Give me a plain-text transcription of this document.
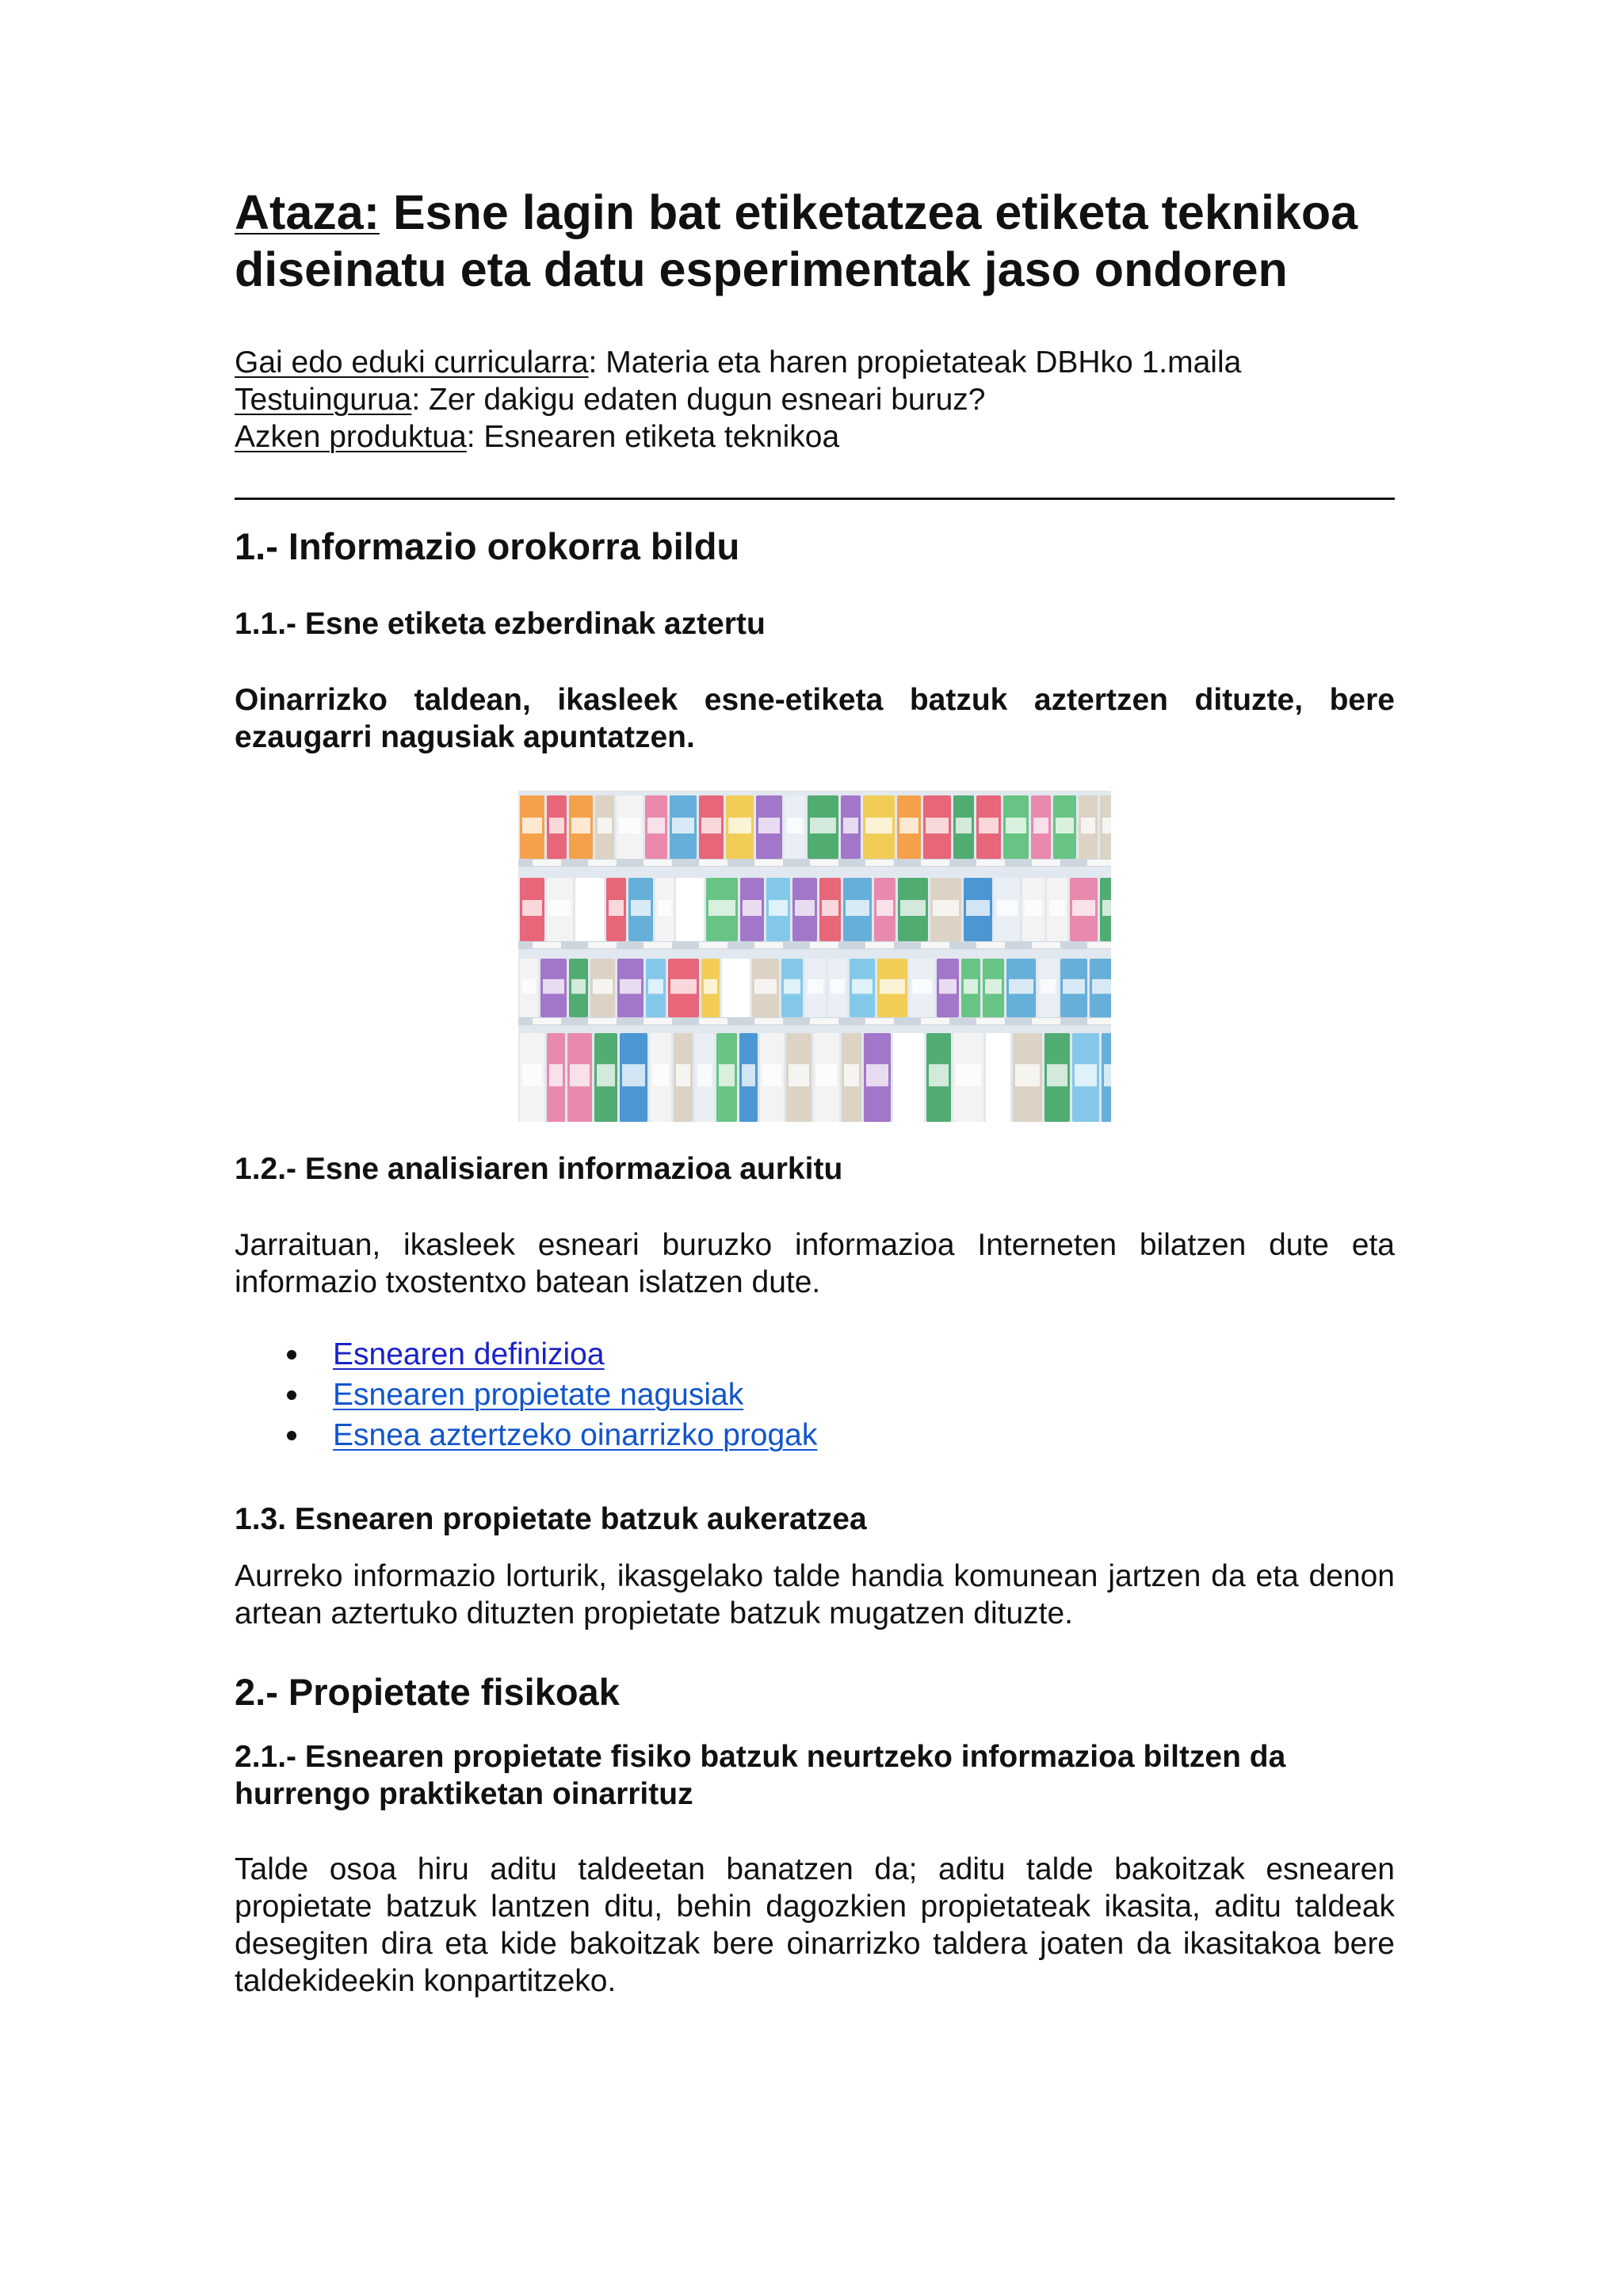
Ataza: Esne lagin bat etiketatzea etiketa teknikoa diseinatu eta datu esperimentak jaso ondoren
Gai edo eduki curricularra: Materia eta haren propietateak DBHko 1.maila
Testuingurua: Zer dakigu edaten dugun esneari buruz?
Azken produktua: Esnearen etiketa teknikoa
1.- Informazio orokorra bildu
1.1.- Esne etiketa ezberdinak aztertu

Oinarrizko taldean, ikasleek esne-etiketa batzuk aztertzen dituzte, bere ezaugarri nagusiak apuntatzen.

1.2.- Esne analisiaren informazioa aurkitu

Jarraituan, ikasleek esneari buruzko informazioa Interneten bilatzen dute eta informazio txostentxo batean islatzen dute.

Esnearen definizioa
Esnearen propietate nagusiak
Esnea aztertzeko oinarrizko progak
1.3. Esnearen propietate batzuk aukeratzea

Aurreko informazio lorturik, ikasgelako talde handia komunean jartzen da eta denon artean aztertuko dituzten propietate batzuk mugatzen dituzte.

2.- Propietate fisikoak
2.1.- Esnearen propietate fisiko batzuk neurtzeko informazioa biltzen da hurrengo praktiketan oinarrituz

Talde osoa hiru aditu taldeetan banatzen da; aditu talde bakoitzak esnearen propietate batzuk lantzen ditu, behin dagozkien propietateak ikasita, aditu taldeak desegiten dira eta kide bakoitzak bere oinarrizko taldera joaten da ikasitakoa bere taldekideekin konpartitzeko.
